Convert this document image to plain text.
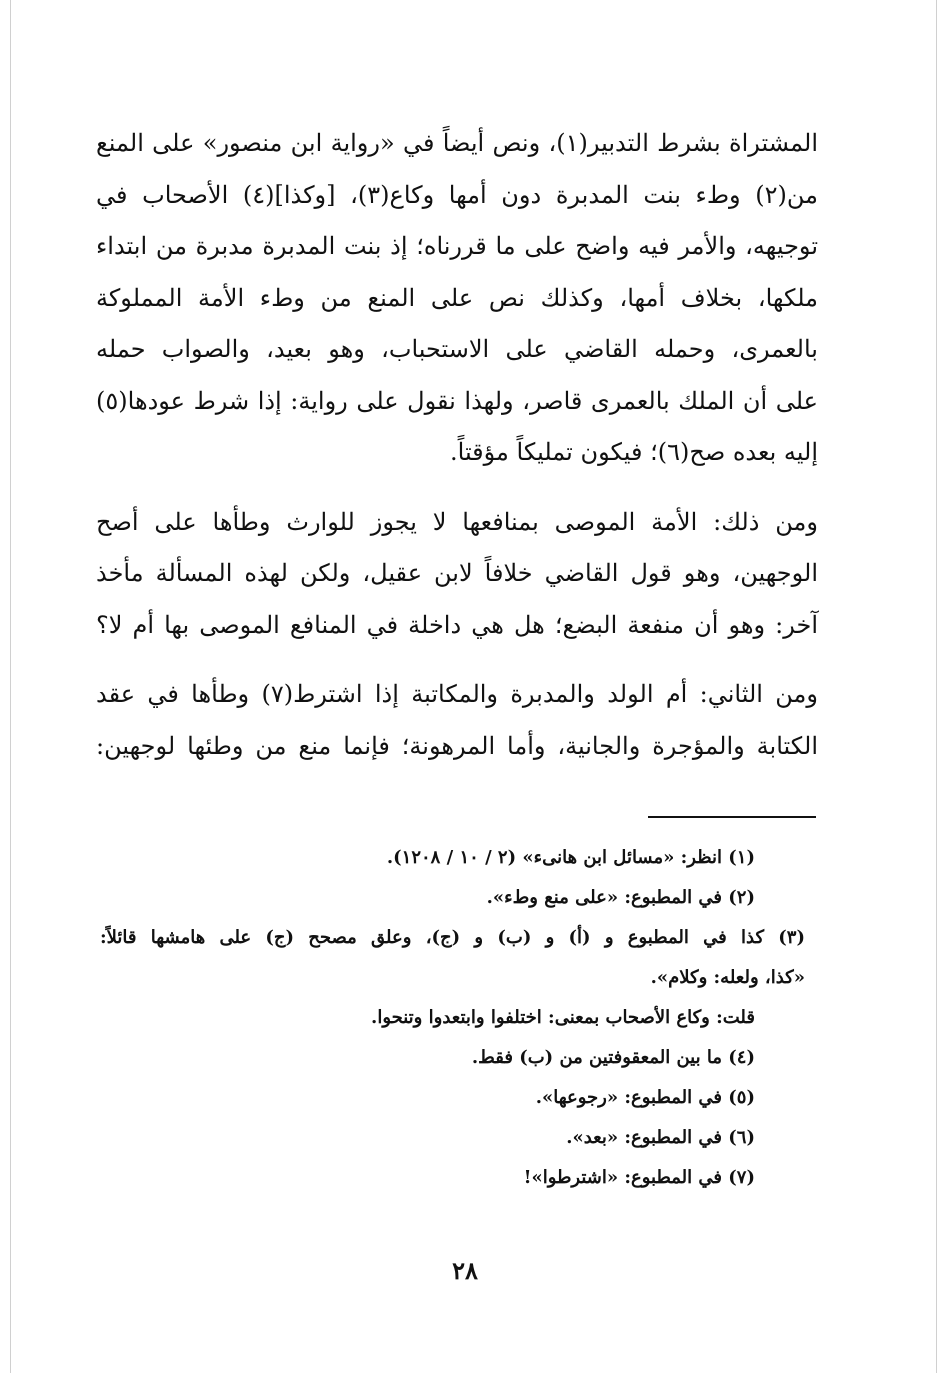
المشتراة بشرط التدبير(١)، ونص أيضاً في «رواية ابن منصور» على المنع
من(٢) وطء بنت المدبرة دون أمها وكاع(٣)، [وكذا](٤) الأصحاب في
توجيهه، والأمر فيه واضح على ما قررناه؛ إذ بنت المدبرة مدبرة من ابتداء
ملكها، بخلاف أمها، وكذلك نص على المنع من وطء الأمة المملوكة
بالعمرى، وحمله القاضي على الاستحباب، وهو بعيد، والصواب حمله
على أن الملك بالعمرى قاصر، ولهذا نقول على رواية: إذا شرط عودها(٥)
إليه بعده صح(٦)؛ فيكون تمليكاً مؤقتاً.

ومن ذلك: الأمة الموصى بمنافعها لا يجوز للوارث وطأها على أصح
الوجهين، وهو قول القاضي خلافاً لابن عقيل، ولكن لهذه المسألة مأخذ
آخر: وهو أن منفعة البضع؛ هل هي داخلة في المنافع الموصى بها أم لا؟

ومن الثاني: أم الولد والمدبرة والمكاتبة إذا اشترط(٧) وطأها في عقد
الكتابة والمؤجرة والجانية، وأما المرهونة؛ فإنما منع من وطئها لوجهين:

(١) انظر: «مسائل ابن هانىء» (٢ / ١٠ / ١٢٠٨).
(٢) في المطبوع: «على منع وطء».
(٣) كذا في المطبوع و (أ) و (ب) و (ج)، وعلق مصحح (ج) على هامشها قائلاً:
«كذا، ولعله: وكلام».
قلت: وكاع الأصحاب بمعنى: اختلفوا وابتعدوا وتنحوا.
(٤) ما بين المعقوفتين من (ب) فقط.
(٥) في المطبوع: «رجوعها».
(٦) في المطبوع: «بعد».
(٧) في المطبوع: «اشترطوا»!
٢٨
